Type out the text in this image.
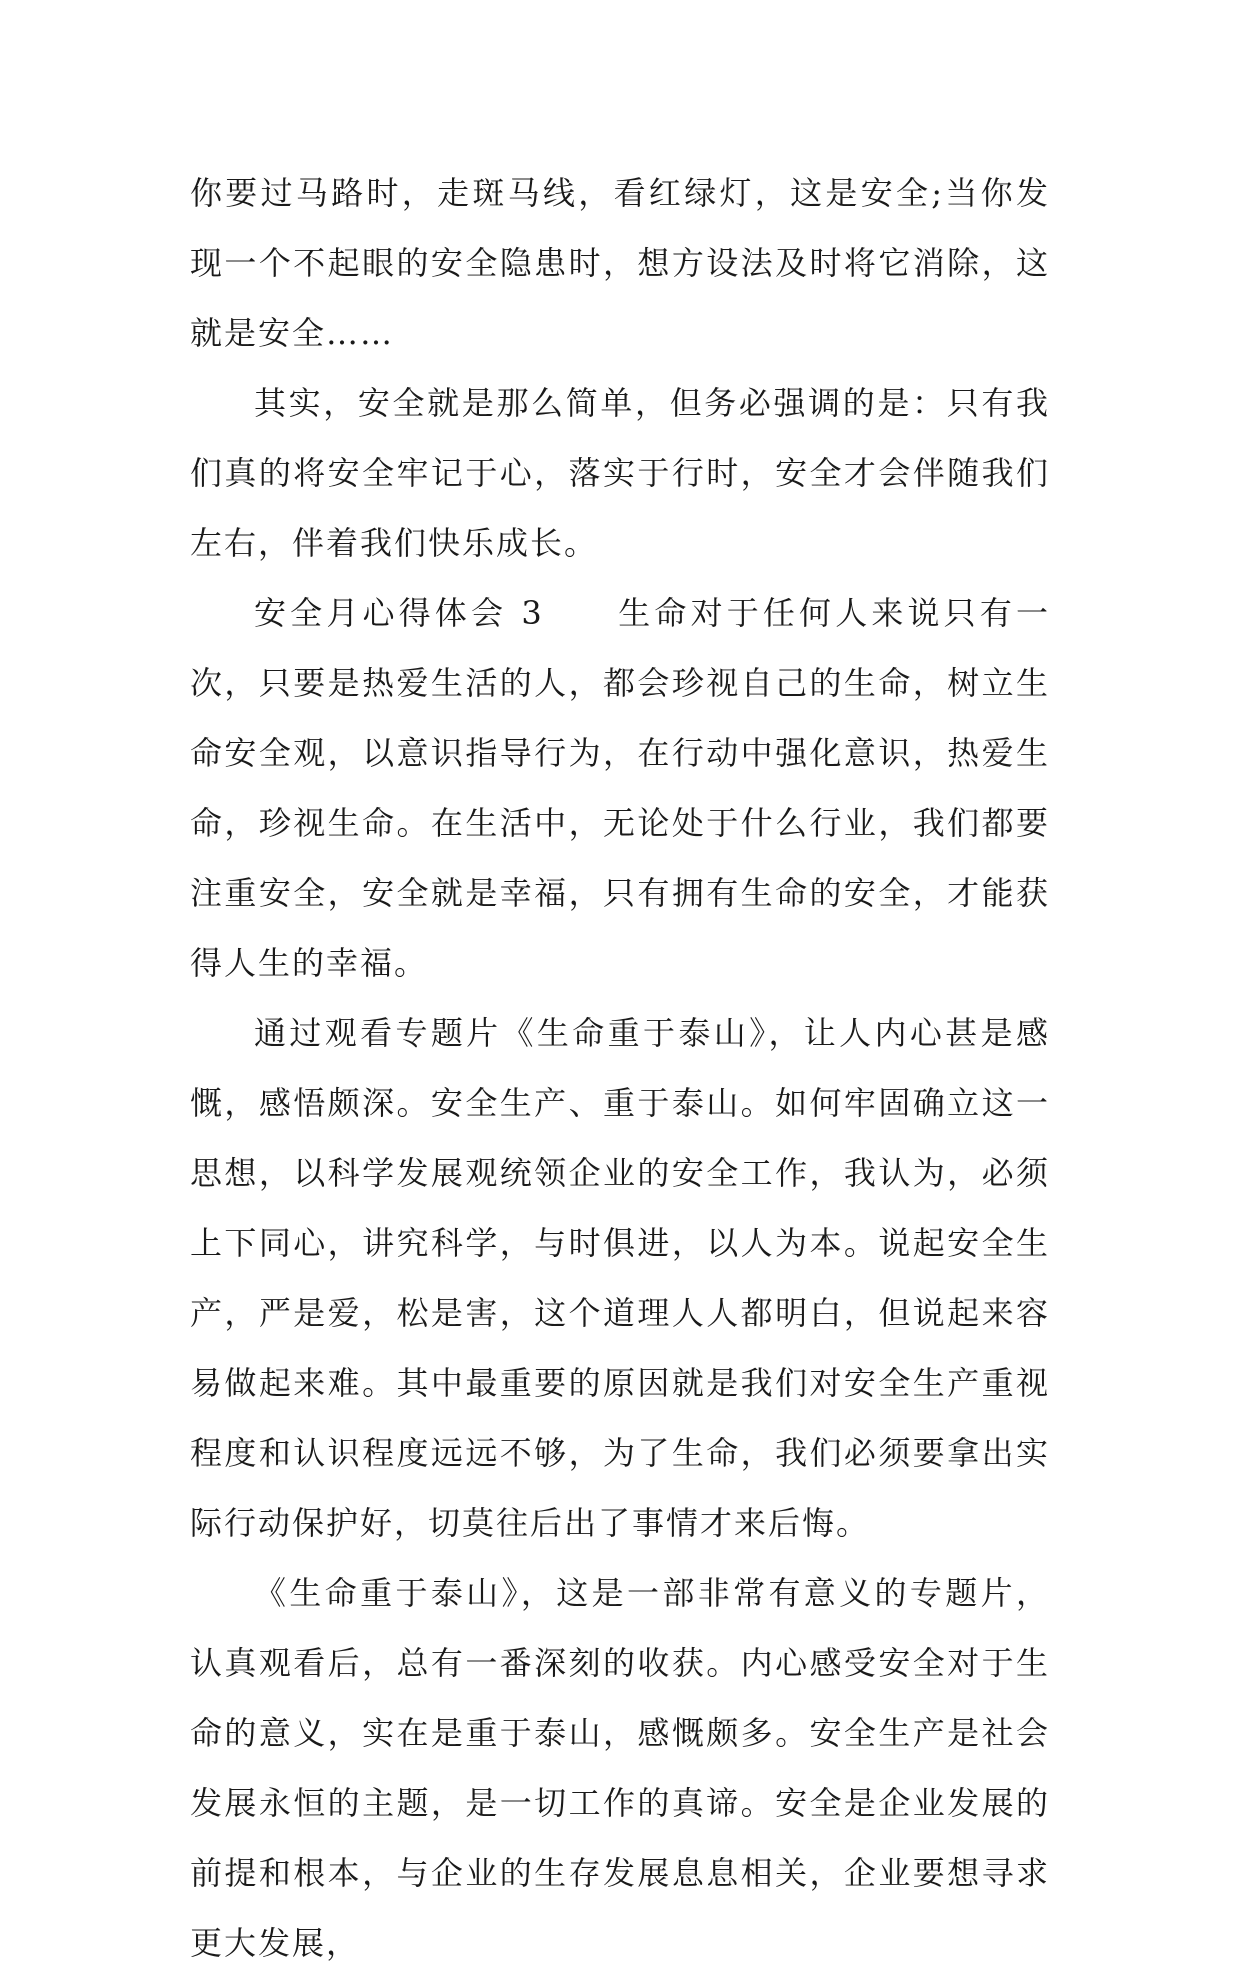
你要过马路时，走斑马线，看红绿灯，这是安全;当你发现一个不起眼的安全隐患时，想方设法及时将它消除，这就是安全……

其实，安全就是那么简单，但务必强调的是：只有我们真的将安全牢记于心，落实于行时，安全才会伴随我们左右，伴着我们快乐成长。

安全月心得体会 3　　生命对于任何人来说只有一次，只要是热爱生活的人，都会珍视自己的生命，树立生命安全观，以意识指导行为，在行动中强化意识，热爱生命，珍视生命。在生活中，无论处于什么行业，我们都要注重安全，安全就是幸福，只有拥有生命的安全，才能获得人生的幸福。

通过观看专题片《生命重于泰山》，让人内心甚是感慨，感悟颇深。安全生产、重于泰山。如何牢固确立这一思想，以科学发展观统领企业的安全工作，我认为，必须上下同心，讲究科学，与时俱进，以人为本。说起安全生产，严是爱，松是害，这个道理人人都明白，但说起来容易做起来难。其中最重要的原因就是我们对安全生产重视程度和认识程度远远不够，为了生命，我们必须要拿出实际行动保护好，切莫往后出了事情才来后悔。

《生命重于泰山》，这是一部非常有意义的专题片，认真观看后，总有一番深刻的收获。内心感受安全对于生命的意义，实在是重于泰山，感慨颇多。安全生产是社会发展永恒的主题，是一切工作的真谛。安全是企业发展的前提和根本，与企业的生存发展息息相关，企业要想寻求更大发展，
